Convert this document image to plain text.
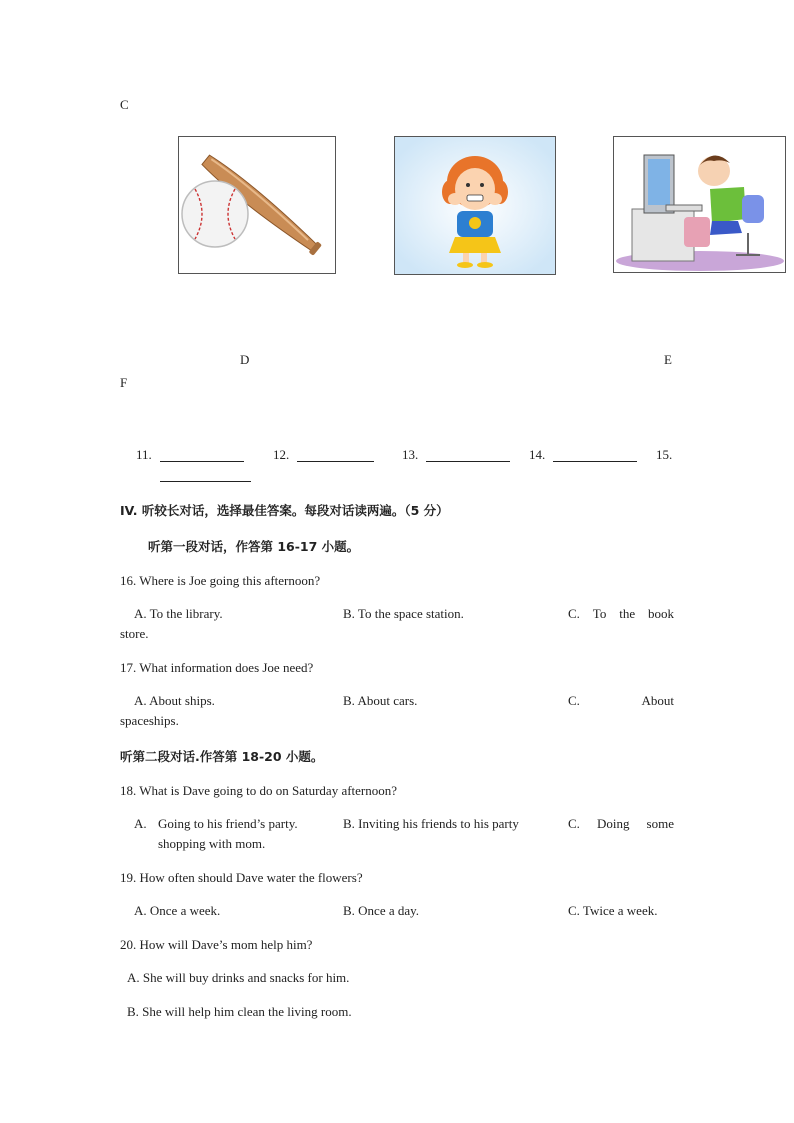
C
D	E
F
11.	12.	13.	14.	15.
IV. 听较长对话，选择最佳答案。每段对话读两遍。（5 分）
听第一段对话，作答第 16-17 小题。
16. Where is Joe going this afternoon?
A. To the library.	B. To the space station.	C. To the book
store.
17. What information does Joe need?
A. About ships.	B. About cars.	C.	About
spaceships.
听第二段对话.作答第 18-20 小题。
18. What is Dave going to do on Saturday afternoon?
A. Going to his friend’s party.
shopping with mom.
B. Inviting his friends to his party	C. Doing some
19. How often should Dave water the flowers?
A. Once a week.	B. Once a day.	C. Twice a week.
20. How will Dave’s mom help him?
A. She will buy drinks and snacks for him.
B. She will help him clean the living room.
